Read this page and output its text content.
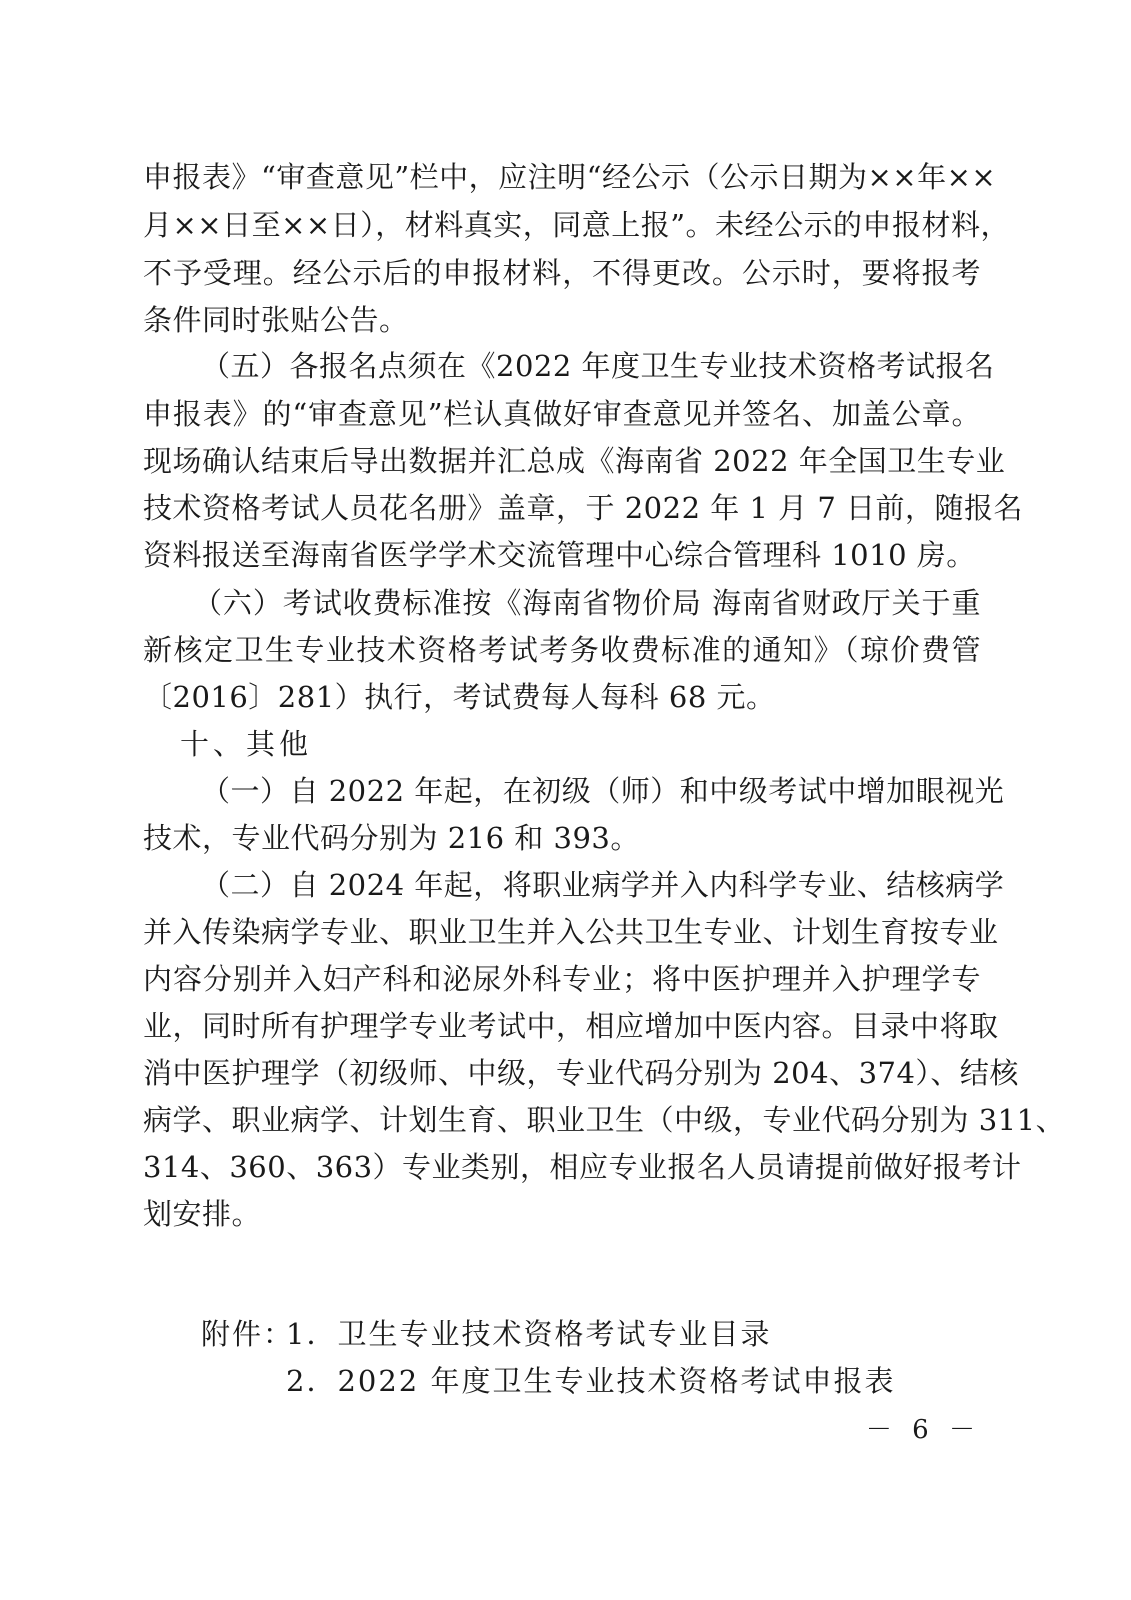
申报表》“审查意见”栏中，应注明“经公示（公示日期为××年××
月××日至××日），材料真实，同意上报”。未经公示的申报材料，
不予受理。经公示后的申报材料，不得更改。公示时，要将报考
条件同时张贴公告。
（五）各报名点须在《2022 年度卫生专业技术资格考试报名
申报表》的“审查意见”栏认真做好审查意见并签名、加盖公章。
现场确认结束后导出数据并汇总成《海南省 2022 年全国卫生专业
技术资格考试人员花名册》盖章，于 2022 年 1 月 7 日前，随报名
资料报送至海南省医学学术交流管理中心综合管理科 1010 房。
（六）考试收费标准按《海南省物价局 海南省财政厅关于重
新核定卫生专业技术资格考试考务收费标准的通知》（琼价费管
〔2016〕281）执行，考试费每人每科 68 元。
十、其他
（一）自 2022 年起，在初级（师）和中级考试中增加眼视光
技术，专业代码分别为 216 和 393。
（二）自 2024 年起，将职业病学并入内科学专业、结核病学
并入传染病学专业、职业卫生并入公共卫生专业、计划生育按专业
内容分别并入妇产科和泌尿外科专业；将中医护理并入护理学专
业，同时所有护理学专业考试中，相应增加中医内容。目录中将取
消中医护理学（初级师、中级，专业代码分别为 204、374）、结核
病学、职业病学、计划生育、职业卫生（中级，专业代码分别为 311、
314、360、363）专业类别，相应专业报名人员请提前做好报考计
划安排。
附件：
1．卫生专业技术资格考试专业目录
2．2022 年度卫生专业技术资格考试申报表
－ 6 －
